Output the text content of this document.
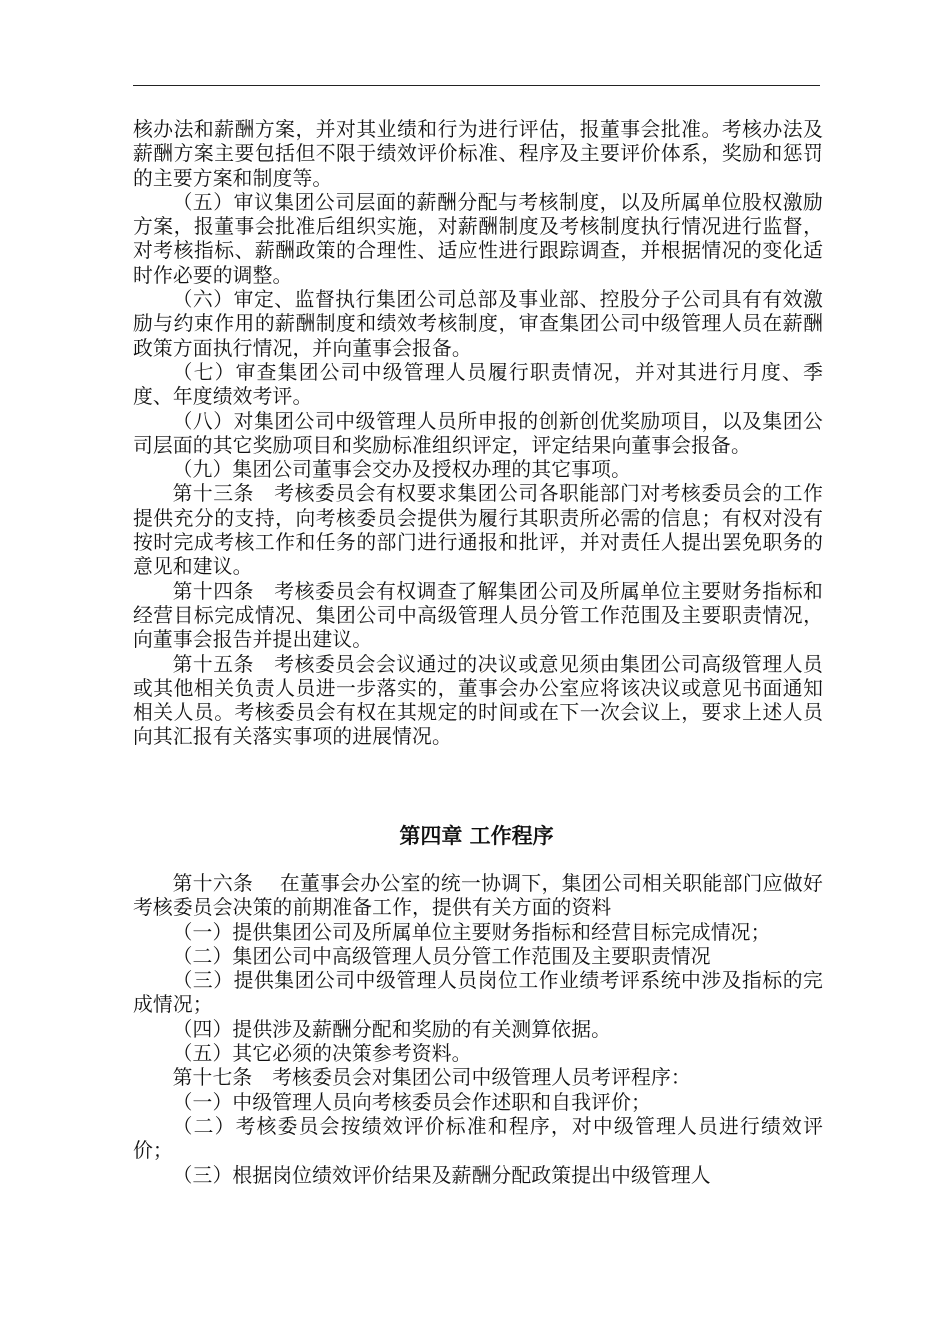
核办法和薪酬方案，并对其业绩和行为进行评估，报董事会批准。考核办法及薪酬方案主要包括但不限于绩效评价标准、程序及主要评价体系，奖励和惩罚的主要方案和制度等。

（五）审议集团公司层面的薪酬分配与考核制度，以及所属单位股权激励方案，报董事会批准后组织实施，对薪酬制度及考核制度执行情况进行监督，对考核指标、薪酬政策的合理性、适应性进行跟踪调查，并根据情况的变化适时作必要的调整。

（六）审定、监督执行集团公司总部及事业部、控股分子公司具有有效激励与约束作用的薪酬制度和绩效考核制度，审查集团公司中级管理人员在薪酬政策方面执行情况，并向董事会报备。

（七）审查集团公司中级管理人员履行职责情况，并对其进行月度、季度、年度绩效考评。

（八）对集团公司中级管理人员所申报的创新创优奖励项目，以及集团公司层面的其它奖励项目和奖励标准组织评定，评定结果向董事会报备。

（九）集团公司董事会交办及授权办理的其它事项。

第十三条　考核委员会有权要求集团公司各职能部门对考核委员会的工作提供充分的支持，向考核委员会提供为履行其职责所必需的信息；有权对没有按时完成考核工作和任务的部门进行通报和批评，并对责任人提出罢免职务的意见和建议。

第十四条　考核委员会有权调查了解集团公司及所属单位主要财务指标和经营目标完成情况、集团公司中高级管理人员分管工作范围及主要职责情况，向董事会报告并提出建议。

第十五条　考核委员会会议通过的决议或意见须由集团公司高级管理人员或其他相关负责人员进一步落实的，董事会办公室应将该决议或意见书面通知相关人员。考核委员会有权在其规定的时间或在下一次会议上，要求上述人员向其汇报有关落实事项的进展情况。

第四章 工作程序

第十六条　 在董事会办公室的统一协调下，集团公司相关职能部门应做好考核委员会决策的前期准备工作，提供有关方面的资料

（一）提供集团公司及所属单位主要财务指标和经营目标完成情况；

（二）集团公司中高级管理人员分管工作范围及主要职责情况

（三）提供集团公司中级管理人员岗位工作业绩考评系统中涉及指标的完成情况；

（四）提供涉及薪酬分配和奖励的有关测算依据。

（五）其它必须的决策参考资料。

第十七条　考核委员会对集团公司中级管理人员考评程序：

（一）中级管理人员向考核委员会作述职和自我评价；

（二）考核委员会按绩效评价标准和程序，对中级管理人员进行绩效评价；

（三）根据岗位绩效评价结果及薪酬分配政策提出中级管理人
